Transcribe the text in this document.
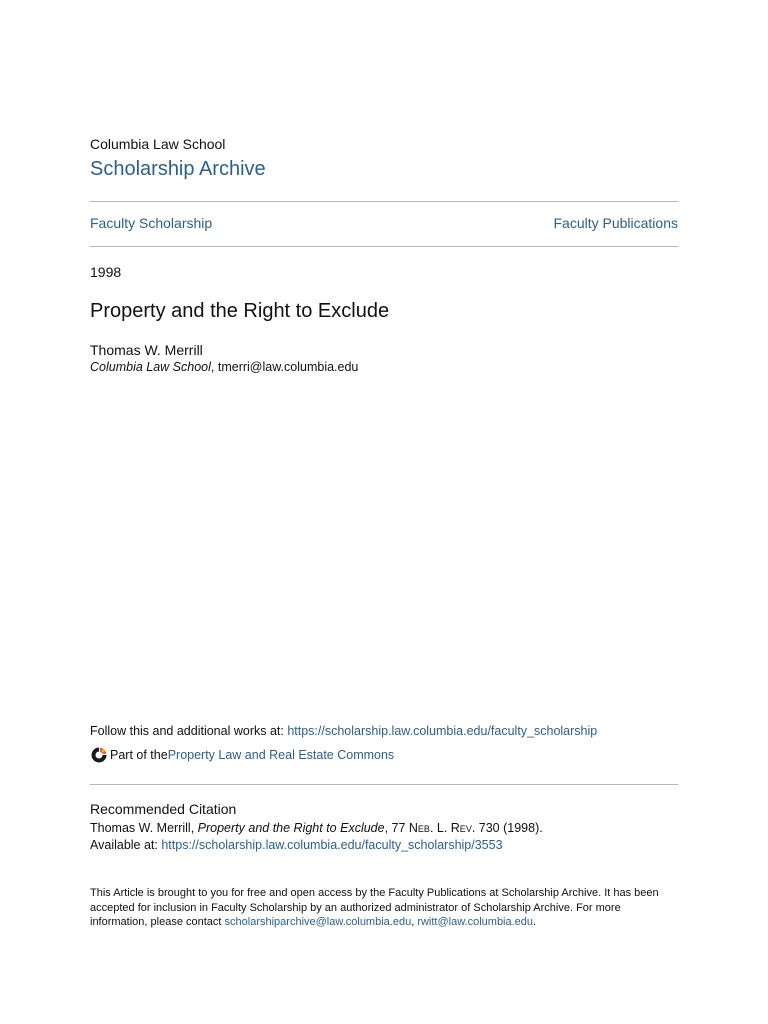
Columbia Law School
Scholarship Archive
Faculty Scholarship	Faculty Publications
1998
Property and the Right to Exclude
Thomas W. Merrill
Columbia Law School, tmerri@law.columbia.edu
Follow this and additional works at: https://scholarship.law.columbia.edu/faculty_scholarship
Part of the Property Law and Real Estate Commons
Recommended Citation
Thomas W. Merrill, Property and the Right to Exclude, 77 Neb. L. Rev. 730 (1998).
Available at: https://scholarship.law.columbia.edu/faculty_scholarship/3553
This Article is brought to you for free and open access by the Faculty Publications at Scholarship Archive. It has been accepted for inclusion in Faculty Scholarship by an authorized administrator of Scholarship Archive. For more information, please contact scholarshiparchive@law.columbia.edu, rwitt@law.columbia.edu.
